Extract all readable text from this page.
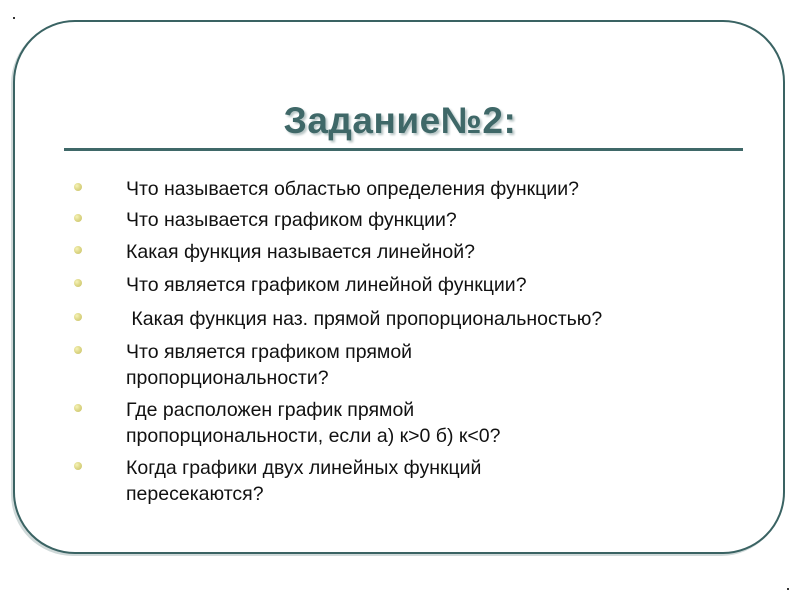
Задание№2:
Что называется областью определения функции?
Что называется графиком функции?
Какая функция называется линейной?
Что является графиком линейной функции?
Какая функция наз. прямой пропорциональностью?
Что является графиком прямой
пропорциональности?
Где расположен график прямой
пропорциональности, если а) к>0 б) к<0?
Когда графики двух линейных функций
пересекаются?
